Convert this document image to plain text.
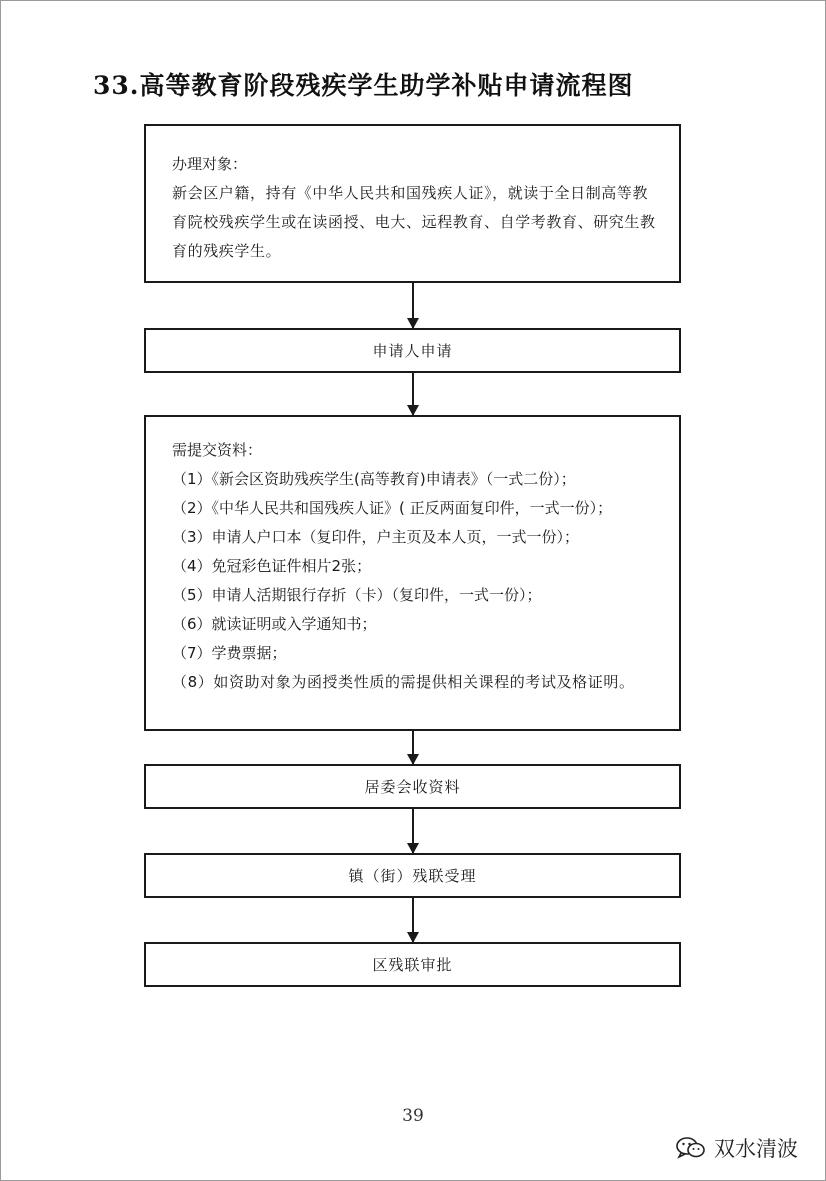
33.高等教育阶段残疾学生助学补贴申请流程图
办理对象：
新会区户籍，持有《中华人民共和国残疾人证》，就读于全日制高等教育院校残疾学生或在读函授、电大、远程教育、自学考教育、研究生教育的残疾学生。
申请人申请
需提交资料：
（1）《新会区资助残疾学生(高等教育)申请表》（一式二份）；
（2）《中华人民共和国残疾人证》( 正反两面复印件，一式一份）；
（3）申请人户口本（复印件，户主页及本人页，一式一份）；
（4）免冠彩色证件相片2张；
（5）申请人活期银行存折（卡）（复印件，一式一份）；
（6）就读证明或入学通知书；
（7）学费票据；
（8）如资助对象为函授类性质的需提供相关课程的考试及格证明。
居委会收资料
镇（街）残联受理
区残联审批
39
双水清波
